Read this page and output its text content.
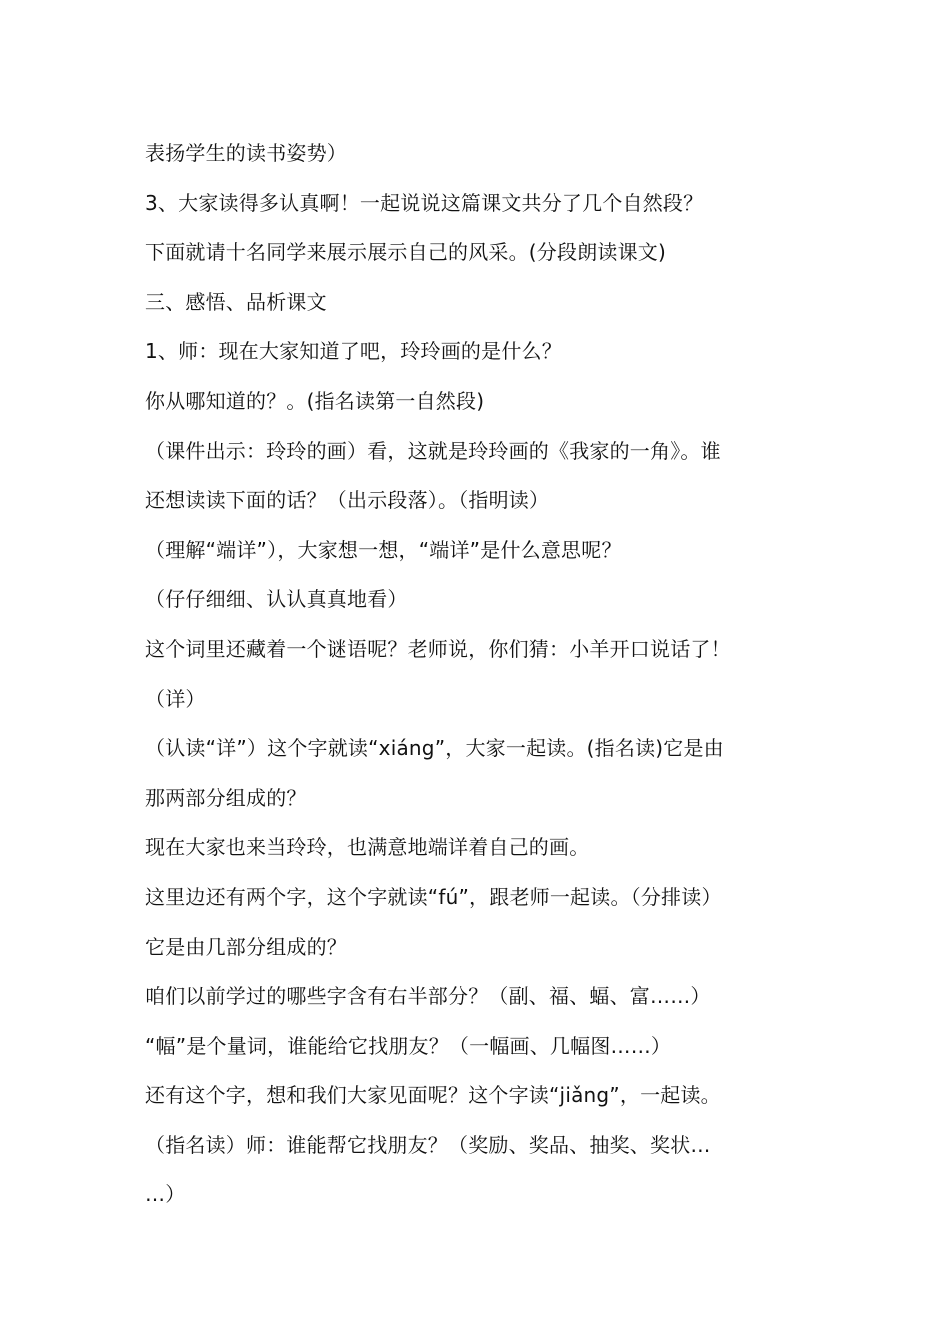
表扬学生的读书姿势）
3、大家读得多认真啊！一起说说这篇课文共分了几个自然段？
下面就请十名同学来展示展示自己的风采。(分段朗读课文)
三、感悟、品析课文
1、师：现在大家知道了吧，玲玲画的是什么？
你从哪知道的？。(指名读第一自然段)
（课件出示：玲玲的画）看，这就是玲玲画的《我家的一角》。谁
还想读读下面的话？（出示段落）。（指明读）
（理解“端详”），大家想一想，“端详”是什么意思呢？
（仔仔细细、认认真真地看）
这个词里还藏着一个谜语呢？老师说，你们猜：小羊开口说话了！
（详）
（认读“详”）这个字就读“xiáng”，大家一起读。(指名读)它是由
那两部分组成的？
现在大家也来当玲玲，也满意地端详着自己的画。
这里边还有两个字，这个字就读“fú”，跟老师一起读。（分排读）
它是由几部分组成的？
咱们以前学过的哪些字含有右半部分？（副、福、蝠、富……）
“幅”是个量词，谁能给它找朋友？（一幅画、几幅图……）
还有这个字，想和我们大家见面呢？这个字读“jiǎng”，一起读。
（指名读）师：谁能帮它找朋友？（奖励、奖品、抽奖、奖状…
…）
